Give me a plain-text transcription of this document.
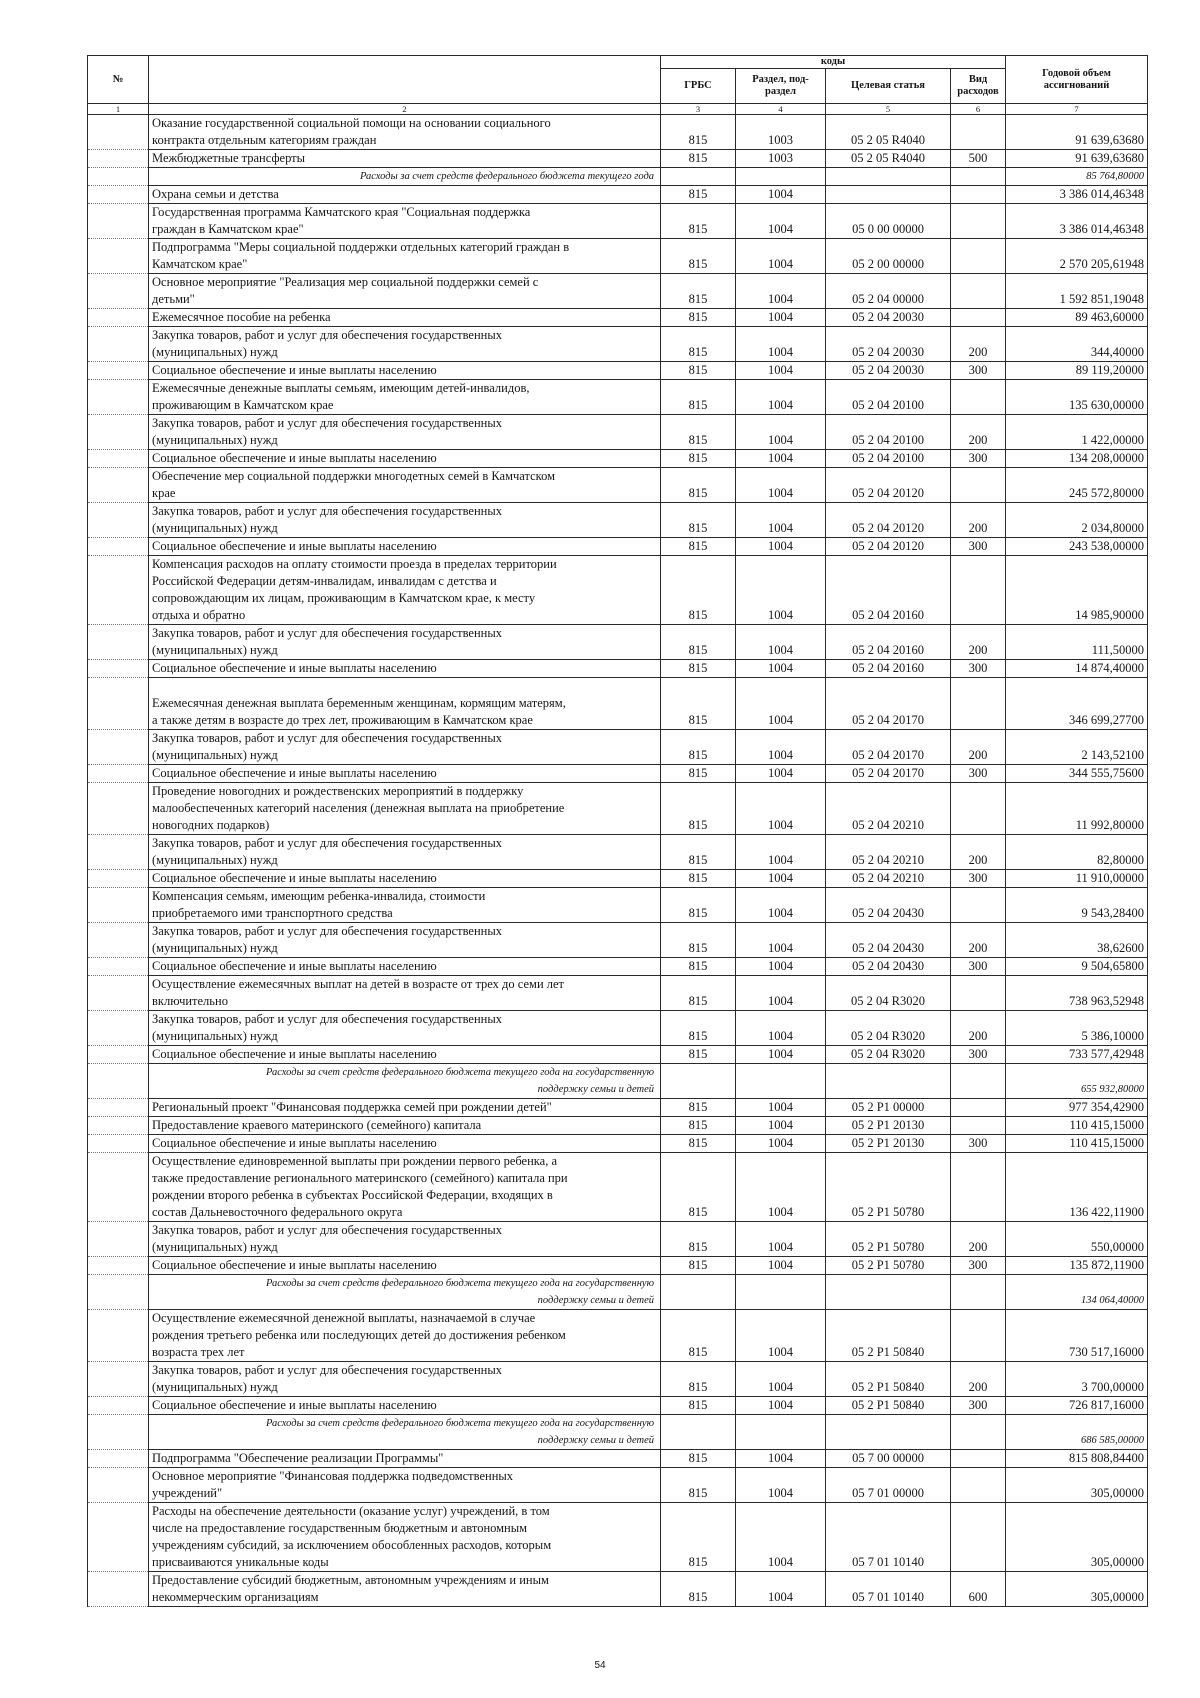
№		коды				Годовой объем
ассигнований
		ГРБС	Раздел, под-
раздел	Целевая статья	Вид
расходов	
1	2	3	4	5	6	7
	Оказание государственной социальной помощи на основании социального
контракта отдельным категориям граждан	815	1003	05 2 05 R4040		91 639,63680
	Межбюджетные трансферты	815	1003	05 2 05 R4040	500	91 639,63680
	Расходы за счет средств федерального бюджета текущего года					85 764,80000
	Охрана семьи и детства	815	1004			3 386 014,46348
	Государственная программа Камчатского края "Социальная поддержка
граждан в Камчатском крае"	815	1004	05 0 00 00000		3 386 014,46348
	Подпрограмма "Меры социальной поддержки отдельных категорий граждан в
Камчатском крае"	815	1004	05 2 00 00000		2 570 205,61948
	Основное мероприятие "Реализация мер социальной поддержки семей с
детьми"	815	1004	05 2 04 00000		1 592 851,19048
	Ежемесячное пособие на ребенка	815	1004	05 2 04 20030		89 463,60000
	Закупка товаров, работ и услуг для обеспечения государственных
(муниципальных) нужд	815	1004	05 2 04 20030	200	344,40000
	Социальное обеспечение и иные выплаты населению	815	1004	05 2 04 20030	300	89 119,20000
	Ежемесячные денежные выплаты семьям, имеющим детей-инвалидов,
проживающим в Камчатском крае	815	1004	05 2 04 20100		135 630,00000
	Закупка товаров, работ и услуг для обеспечения государственных
(муниципальных) нужд	815	1004	05 2 04 20100	200	1 422,00000
	Социальное обеспечение и иные выплаты населению	815	1004	05 2 04 20100	300	134 208,00000
	Обеспечение мер социальной поддержки многодетных семей в Камчатском
крае	815	1004	05 2 04 20120		245 572,80000
	Закупка товаров, работ и услуг для обеспечения государственных
(муниципальных) нужд	815	1004	05 2 04 20120	200	2 034,80000
	Социальное обеспечение и иные выплаты населению	815	1004	05 2 04 20120	300	243 538,00000
	Компенсация расходов на оплату стоимости проезда в пределах территории
Российской Федерации детям-инвалидам, инвалидам с детства и
сопровождающим их лицам, проживающим в Камчатском крае, к месту
отдыха и обратно	815	1004	05 2 04 20160		14 985,90000
	Закупка товаров, работ и услуг для обеспечения государственных
(муниципальных) нужд	815	1004	05 2 04 20160	200	111,50000
	Социальное обеспечение и иные выплаты населению	815	1004	05 2 04 20160	300	14 874,40000

Ежемесячная денежная выплата беременным женщинам, кормящим матерям,
а также детям в возрасте до трех лет, проживающим в Камчатском крае	815	1004	05 2 04 20170		346 699,27700
	Закупка товаров, работ и услуг для обеспечения государственных
(муниципальных) нужд	815	1004	05 2 04 20170	200	2 143,52100
	Социальное обеспечение и иные выплаты населению	815	1004	05 2 04 20170	300	344 555,75600
	Проведение новогодних и рождественских мероприятий в поддержку
малообеспеченных категорий населения (денежная выплата на приобретение
новогодних подарков)	815	1004	05 2 04 20210		11 992,80000
	Закупка товаров, работ и услуг для обеспечения государственных
(муниципальных) нужд	815	1004	05 2 04 20210	200	82,80000
	Социальное обеспечение и иные выплаты населению	815	1004	05 2 04 20210	300	11 910,00000
	Компенсация семьям, имеющим ребенка-инвалида, стоимости
приобретаемого ими транспортного средства	815	1004	05 2 04 20430		9 543,28400
	Закупка товаров, работ и услуг для обеспечения государственных
(муниципальных) нужд	815	1004	05 2 04 20430	200	38,62600
	Социальное обеспечение и иные выплаты населению	815	1004	05 2 04 20430	300	9 504,65800
	Осуществление ежемесячных выплат на детей в возрасте от трех до семи лет
включительно	815	1004	05 2 04 R3020		738 963,52948
	Закупка товаров, работ и услуг для обеспечения государственных
(муниципальных) нужд	815	1004	05 2 04 R3020	200	5 386,10000
	Социальное обеспечение и иные выплаты населению	815	1004	05 2 04 R3020	300	733 577,42948
	Расходы за счет средств федерального бюджета текущего года на государственную
поддержку семьи и детей					655 932,80000
	Региональный проект "Финансовая поддержка семей при рождении детей"	815	1004	05 2 P1 00000		977 354,42900
	Предоставление краевого материнского (семейного) капитала	815	1004	05 2 P1 20130		110 415,15000
	Социальное обеспечение и иные выплаты населению	815	1004	05 2 P1 20130	300	110 415,15000
	Осуществление единовременной выплаты при рождении первого ребенка, а
также предоставление регионального материнского (семейного) капитала при
рождении второго ребенка в субъектах Российской Федерации, входящих в
состав Дальневосточного федерального округа	815	1004	05 2 P1 50780		136 422,11900
	Закупка товаров, работ и услуг для обеспечения государственных
(муниципальных) нужд	815	1004	05 2 P1 50780	200	550,00000
	Социальное обеспечение и иные выплаты населению	815	1004	05 2 P1 50780	300	135 872,11900
	Расходы за счет средств федерального бюджета текущего года на государственную
поддержку семьи и детей					134 064,40000
	Осуществление ежемесячной денежной выплаты, назначаемой в случае
рождения третьего ребенка или последующих детей до достижения ребенком
возраста трех лет	815	1004	05 2 P1 50840		730 517,16000
	Закупка товаров, работ и услуг для обеспечения государственных
(муниципальных) нужд	815	1004	05 2 P1 50840	200	3 700,00000
	Социальное обеспечение и иные выплаты населению	815	1004	05 2 P1 50840	300	726 817,16000
	Расходы за счет средств федерального бюджета текущего года на государственную
поддержку семьи и детей					686 585,00000
	Подпрограмма "Обеспечение реализации Программы"	815	1004	05 7 00 00000		815 808,84400
	Основное мероприятие "Финансовая поддержка подведомственных
учреждений"	815	1004	05 7 01 00000		305,00000
	Расходы на обеспечение деятельности (оказание услуг) учреждений, в том
числе на предоставление государственным бюджетным и автономным
учреждениям субсидий, за исключением обособленных расходов, которым
присваиваются уникальные коды	815	1004	05 7 01 10140		305,00000
	Предоставление субсидий бюджетным, автономным учреждениям и иным
некоммерческим организациям	815	1004	05 7 01 10140	600	305,00000
54
